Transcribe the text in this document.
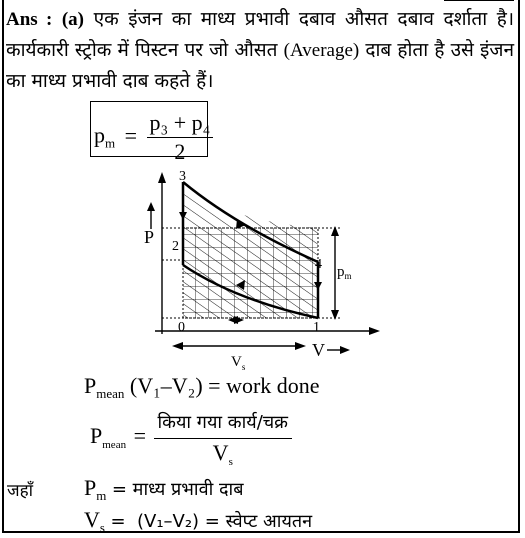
Ans : (a) एक इंजन का माध्य प्रभावी दबाव औसत दबाव दर्शाता है। कार्यकारी स्ट्रोक में पिस्टन पर जो औसत (Average) दाब होता है उसे इंजन का माध्य प्रभावी दाब कहते हैं।
$p_m = \frac{\text{p₃ + p₄}}{2}$
P
V
3
2
4
0	1
$p_m$
$V_s$
$P_{mean}$ (V₁–V₂) = work done
$P_{mean} = \frac{\text{किया गया कार्य/चक्र}}{V_s}$
जहाँ $P_m$ = माध्य प्रभावी दाब
$V_s = (V_1-V_2)$ = स्वेप्ट आयतन
